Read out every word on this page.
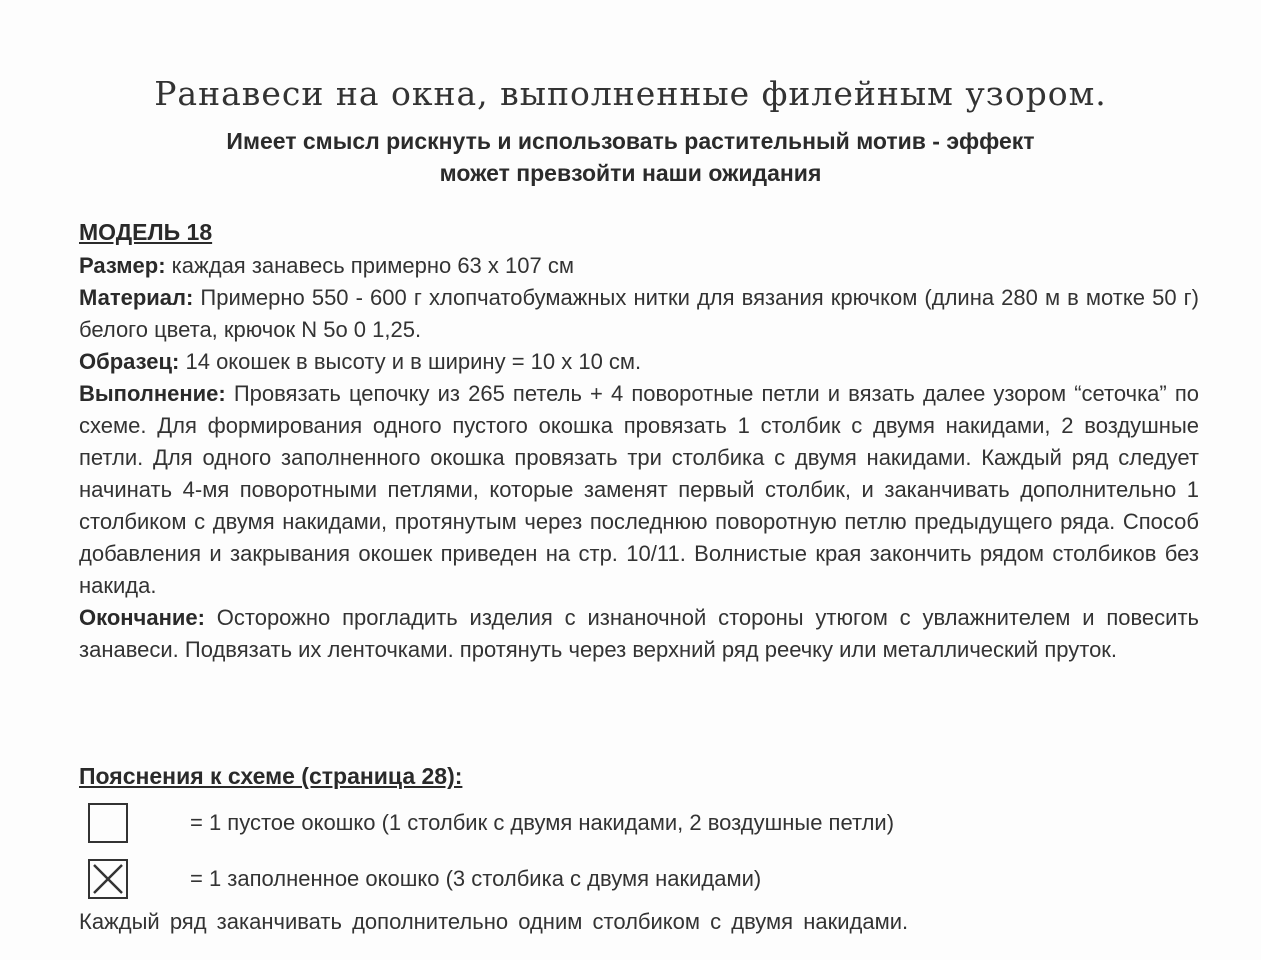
Ранавеси на окна, выполненные филейным узором.
Имеет смысл рискнуть и использовать растительный мотив - эффект
может превзойти наши ожидания
МОДЕЛЬ 18

Размер: каждая занавесь примерно 63 х 107 см

Материал: Примерно 550 - 600 г хлопчатобумажных нитки для вязания крючком (длина 280 м в мотке 50 г) белого цвета, крючок N 5о 0 1,25.

Образец: 14 окошек в высоту и в ширину = 10 х 10 см.

Выполнение: Провязать цепочку из 265 петель + 4 поворотные петли и вязать далее узором “сеточка” по схеме. Для формирования одного пустого окошка провязать 1 столбик с двумя накидами, 2 воздушные петли. Для одного заполненного окошка провязать три столбика с двумя накидами. Каждый ряд следует начинать 4-мя поворотными петлями, которые заменят первый столбик, и заканчивать дополнительно 1 столбиком с двумя накидами, протянутым через последнюю поворотную петлю предыдущего ряда. Способ добавления и закрывания окошек приведен на стр. 10/11. Волнистые края закончить рядом столбиков без накида.

Окончание: Осторожно прогладить изделия с изнаночной стороны утюгом с увлажнителем и повесить занавеси. Подвязать их ленточками. протянуть через верхний ряд реечку или металлический пруток.

Пояснения к схеме (страница 28):
= 1 пустое окошко (1 столбик с двумя накидами, 2 воздушные петли)
= 1 заполненное окошко (3 столбика с двумя накидами)

Каждый ряд заканчивать дополнительно одним столбиком с двумя накидами.
